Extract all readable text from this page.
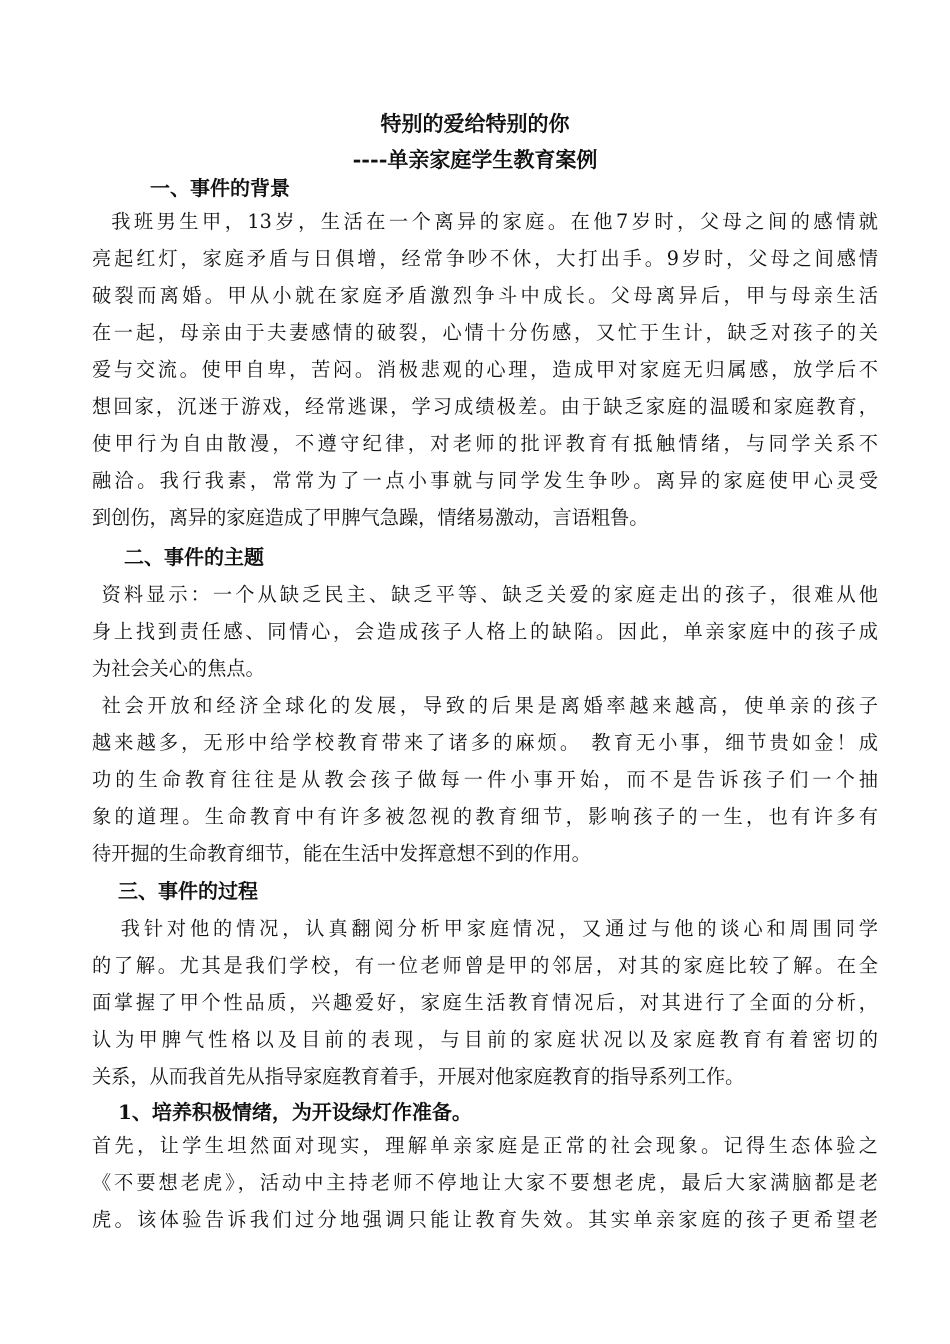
特别的爱给特别的你
----单亲家庭学生教育案例
一、事件的背景
我班男生甲，13岁，生活在一个离异的家庭。在他7岁时，父母之间的感情就
亮起红灯，家庭矛盾与日俱增，经常争吵不休，大打出手。9岁时，父母之间感情
破裂而离婚。甲从小就在家庭矛盾激烈争斗中成长。父母离异后，甲与母亲生活
在一起，母亲由于夫妻感情的破裂，心情十分伤感，又忙于生计，缺乏对孩子的关
爱与交流。使甲自卑，苦闷。消极悲观的心理，造成甲对家庭无归属感，放学后不
想回家，沉迷于游戏，经常逃课，学习成绩极差。由于缺乏家庭的温暖和家庭教育，
使甲行为自由散漫，不遵守纪律，对老师的批评教育有抵触情绪，与同学关系不
融洽。我行我素，常常为了一点小事就与同学发生争吵。离异的家庭使甲心灵受
到创伤，离异的家庭造成了甲脾气急躁，情绪易激动，言语粗鲁。
二、事件的主题
资料显示：一个从缺乏民主、缺乏平等、缺乏关爱的家庭走出的孩子，很难从他
身上找到责任感、同情心，会造成孩子人格上的缺陷。因此，单亲家庭中的孩子成
为社会关心的焦点。
社会开放和经济全球化的发展，导致的后果是离婚率越来越高，使单亲的孩子
越来越多，无形中给学校教育带来了诸多的麻烦。 教育无小事，细节贵如金！成
功的生命教育往往是从教会孩子做每一件小事开始，而不是告诉孩子们一个抽
象的道理。生命教育中有许多被忽视的教育细节，影响孩子的一生，也有许多有
待开掘的生命教育细节，能在生活中发挥意想不到的作用。
三、事件的过程
我针对他的情况，认真翻阅分析甲家庭情况，又通过与他的谈心和周围同学
的了解。尤其是我们学校，有一位老师曾是甲的邻居，对其的家庭比较了解。在全
面掌握了甲个性品质，兴趣爱好，家庭生活教育情况后，对其进行了全面的分析，
认为甲脾气性格以及目前的表现，与目前的家庭状况以及家庭教育有着密切的
关系，从而我首先从指导家庭教育着手，开展对他家庭教育的指导系列工作。
1、培养积极情绪，为开设绿灯作准备。
首先，让学生坦然面对现实，理解单亲家庭是正常的社会现象。记得生态体验之
《不要想老虎》，活动中主持老师不停地让大家不要想老虎，最后大家满脑都是老
虎。该体验告诉我们过分地强调只能让教育失效。其实单亲家庭的孩子更希望老
